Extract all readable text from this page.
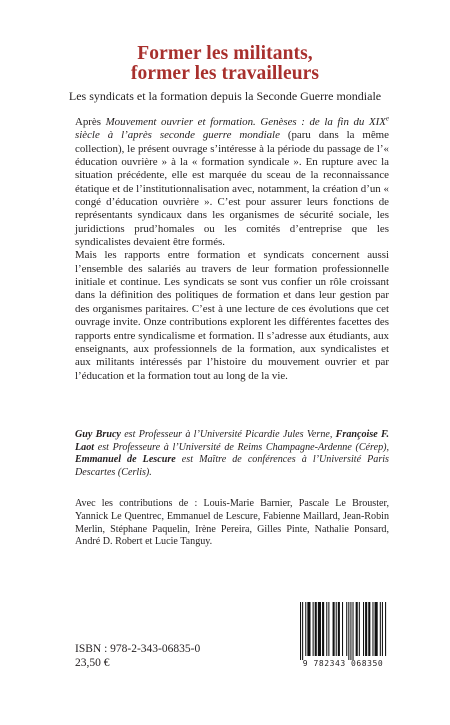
Former les militants,
former les travailleurs
Les syndicats et la formation depuis la Seconde Guerre mondiale

Après Mouvement ouvrier et formation. Genèses : de la fin du XIXe siècle à l’après seconde guerre mondiale (paru dans la même collection), le présent ouvrage s’intéresse à la période du passage de l’« éducation ouvrière » à la « formation syndicale ». En rupture avec la situation précédente, elle est marquée du sceau de la reconnaissance étatique et de l’institutionnalisation avec, notamment, la création d’un « congé d’éducation ouvrière ». C’est pour assurer leurs fonctions de représentants syndicaux dans les organismes de sécurité sociale, les juridictions prud’homales ou les comités d’entreprise que les syndicalistes devaient être formés.

Mais les rapports entre formation et syndicats concernent aussi l’ensemble des salariés au travers de leur formation professionnelle initiale et continue. Les syndicats se sont vus confier un rôle croissant dans la définition des politiques de formation et dans leur gestion par des organismes paritaires. C’est à une lecture de ces évolutions que cet ouvrage invite. Onze contributions explorent les différentes facettes des rapports entre syndicalisme et formation. Il s’adresse aux étudiants, aux enseignants, aux professionnels de la formation, aux syndicalistes et aux militants intéressés par l’histoire du mouvement ouvrier et par l’éducation et la formation tout au long de la vie.

Guy Brucy est Professeur à l’Université Picardie Jules Verne, Françoise F. Laot est Professeure à l’Université de Reims Champagne-Ardenne (Cérep), Emmanuel de Lescure est Maître de conférences à l’Université Paris Descartes (Cerlis).
Avec les contributions de : Louis-Marie Barnier, Pascale Le Brouster, Yannick Le Quentrec, Emmanuel de Lescure, Fabienne Maillard, Jean-Robin Merlin, Stéphane Paquelin, Irène Pereira, Gilles Pinte, Nathalie Ponsard, André D. Robert et Lucie Tanguy.
ISBN : 978-2-343-06835-0
23,50 €	9 782343 068350
